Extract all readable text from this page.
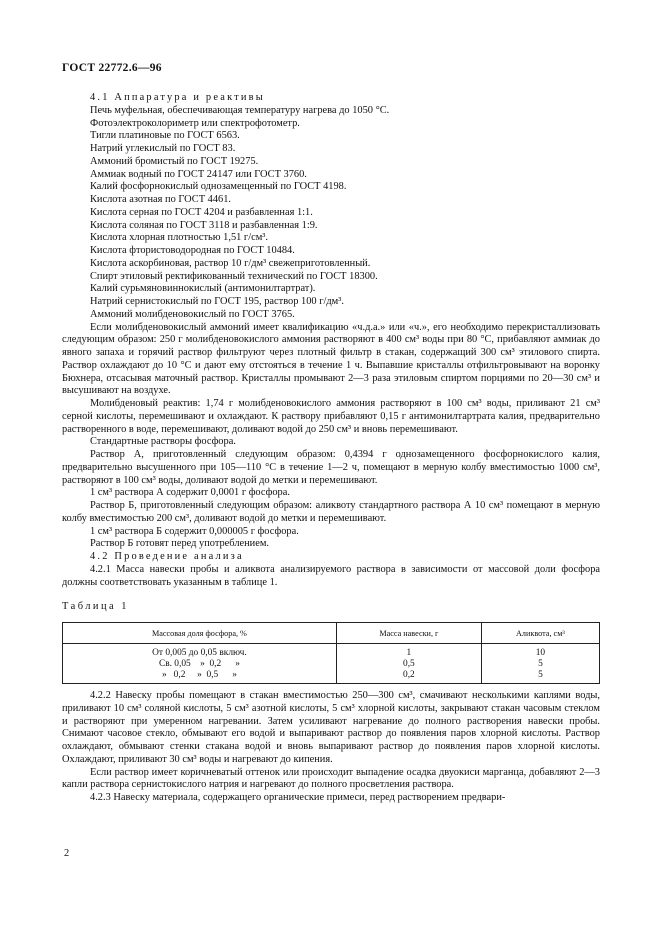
ГОСТ 22772.6—96

4.1 Аппаратура и реактивы

Печь муфельная, обеспечивающая температуру нагрева до 1050 °С.

Фотоэлектроколориметр или спектрофотометр.

Тигли платиновые по ГОСТ 6563.

Натрий углекислый по ГОСТ 83.

Аммоний бромистый по ГОСТ 19275.

Аммиак водный по ГОСТ 24147 или ГОСТ 3760.

Калий фосфорнокислый однозамещенный по ГОСТ 4198.

Кислота азотная по ГОСТ 4461.

Кислота серная по ГОСТ 4204 и разбавленная 1:1.

Кислота соляная по ГОСТ 3118 и разбавленная 1:9.

Кислота хлорная плотностью 1,51 г/см³.

Кислота фтористоводородная по ГОСТ 10484.

Кислота аскорбиновая, раствор 10 г/дм³ свежеприготовленный.

Спирт этиловый ректификованный технический по ГОСТ 18300.

Калий сурьмяновиннокислый (антимонилтартрат).

Натрий сернистокислый по ГОСТ 195, раствор 100 г/дм³.

Аммоний молибденовокислый по ГОСТ 3765.

Если молибденовокислый аммоний имеет квалификацию «ч.д.а.» или «ч.», его необходимо перекристаллизовать следующим образом: 250 г молибденовокислого аммония растворяют в 400 см³ воды при 80 °С, прибавляют аммиак до явного запаха и горячий раствор фильтруют через плотный фильтр в стакан, содержащий 300 см³ этилового спирта. Раствор охлаждают до 10 °С и дают ему отстояться в течение 1 ч. Выпавшие кристаллы отфильтровывают на воронку Бюхнера, отсасывая маточный раствор. Кристаллы промывают 2—3 раза этиловым спиртом порциями по 20—30 см³ и высушивают на воздухе.

Молибденовый реактив: 1,74 г молибденовокислого аммония растворяют в 100 см³ воды, приливают 21 см³ серной кислоты, перемешивают и охлаждают. К раствору прибавляют 0,15 г антимонилтартрата калия, предварительно растворенного в воде, перемешивают, доливают водой до 250 см³ и вновь перемешивают.

Стандартные растворы фосфора.

Раствор А, приготовленный следующим образом: 0,4394 г однозамещенного фосфорнокислого калия, предварительно высушенного при 105—110 °С в течение 1—2 ч, помещают в мерную колбу вместимостью 1000 см³, растворяют в 100 см³ воды, доливают водой до метки и перемешивают.

1 см³ раствора А содержит 0,0001 г фосфора.

Раствор Б, приготовленный следующим образом: аликвоту стандартного раствора А 10 см³ помещают в мерную колбу вместимостью 200 см³, доливают водой до метки и перемешивают.

1 см³ раствора Б содержит 0,000005 г фосфора.

Раствор Б готовят перед употреблением.

4.2 Проведение анализа

4.2.1 Масса навески пробы и аликвота анализируемого раствора в зависимости от массовой доли фосфора должны соответствовать указанным в таблице 1.

Таблица 1
Массовая доля фосфора, %	Масса навески, г	Аликвота, см³
От 0,005 до 0,05 включ.	1	10
Св. 0,05    »  0,2      »	0,5	5
»   0,2     »  0,5      »	0,2	5

4.2.2 Навеску пробы помещают в стакан вместимостью 250—300 см³, смачивают несколькими каплями воды, приливают 10 см³ соляной кислоты, 5 см³ азотной кислоты, 5 см³ хлорной кислоты, закрывают стакан часовым стеклом и растворяют при умеренном нагревании. Затем усиливают нагревание до полного растворения навески пробы. Снимают часовое стекло, обмывают его водой и выпаривают раствор до появления паров хлорной кислоты. Раствор охлаждают, обмывают стенки стакана водой и вновь выпаривают раствор до появления паров хлорной кислоты. Охлаждают, приливают 30 см³ воды и нагревают до кипения.

Если раствор имеет коричневатый оттенок или происходит выпадение осадка двуокиси марганца, добавляют 2—3 капли раствора сернистокислого натрия и нагревают до полного просветления раствора.

4.2.3 Навеску материала, содержащего органические примеси, перед растворением предвари-

2
